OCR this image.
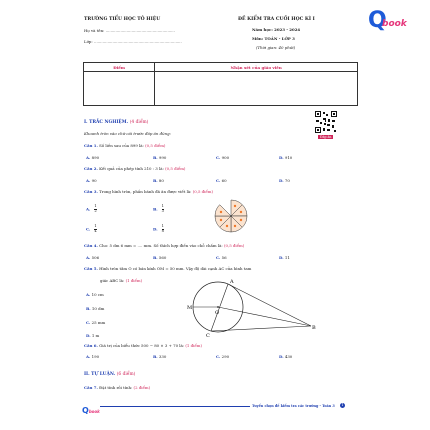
TRƯỜNG TIỂU HỌC TÔ HIỆU
Họ và tên: ........................................................
Lớp: .......................................................................
ĐỀ KIỂM TRA CUỐI HỌC KÌ I
Năm học: 2023 - 2024
Môn: TOÁN - LỚP 3
(Thời gian: 40 phút)
Q
book
Điểm	Nhận xét của giáo viên

I. TRẮC NGHIỆM. (4 điểm)
Khoanh tròn vào chữ cái trước đáp án đúng:
Đáp án
Câu 1. Số liền sau của 899 là: (0,5 điểm)
A. 890	B. 990	C. 900	D. 910
Câu 2. Kết quả của phép tính 210 : 3 là: (0,5 điểm)
A. 90	B. 80	C. 60	D. 70
Câu 3. Trong hình tròn, phần bánh đã ăn được viết là: (0,5 điểm)
A. $\frac{1}{2}$	B. $\frac{1}{3}$
C. $\frac{1}{4}$	D. $\frac{1}{8}$
Câu 4. Cho: 5 dm 6 mm = .... mm. Số thích hợp điền vào chỗ chấm là: (0,5 điểm)
A. 506	B. 560	C. 56	D. 11
Câu 5. Hình tròn tâm O có bán kính OM = 50 mm. Vậy độ dài cạnh AC của hình tam
giác ABC là: (1 điểm)
A. 10 cm
B. 10 dm
C. 25 mm
D. 1 m
A
M
O
C
B
Câu 6. Giá trị của biểu thức 500 − 80 × 3 + 70 là: (1 điểm)
A. 190	B. 330	C. 290	D. 430
II. TỰ LUẬN. (6 điểm)
Câu 7. Đặt tính rồi tính: (2 điểm)
Qbook
Tuyển chọn đề kiểm tra các trường - Toán 3	1
